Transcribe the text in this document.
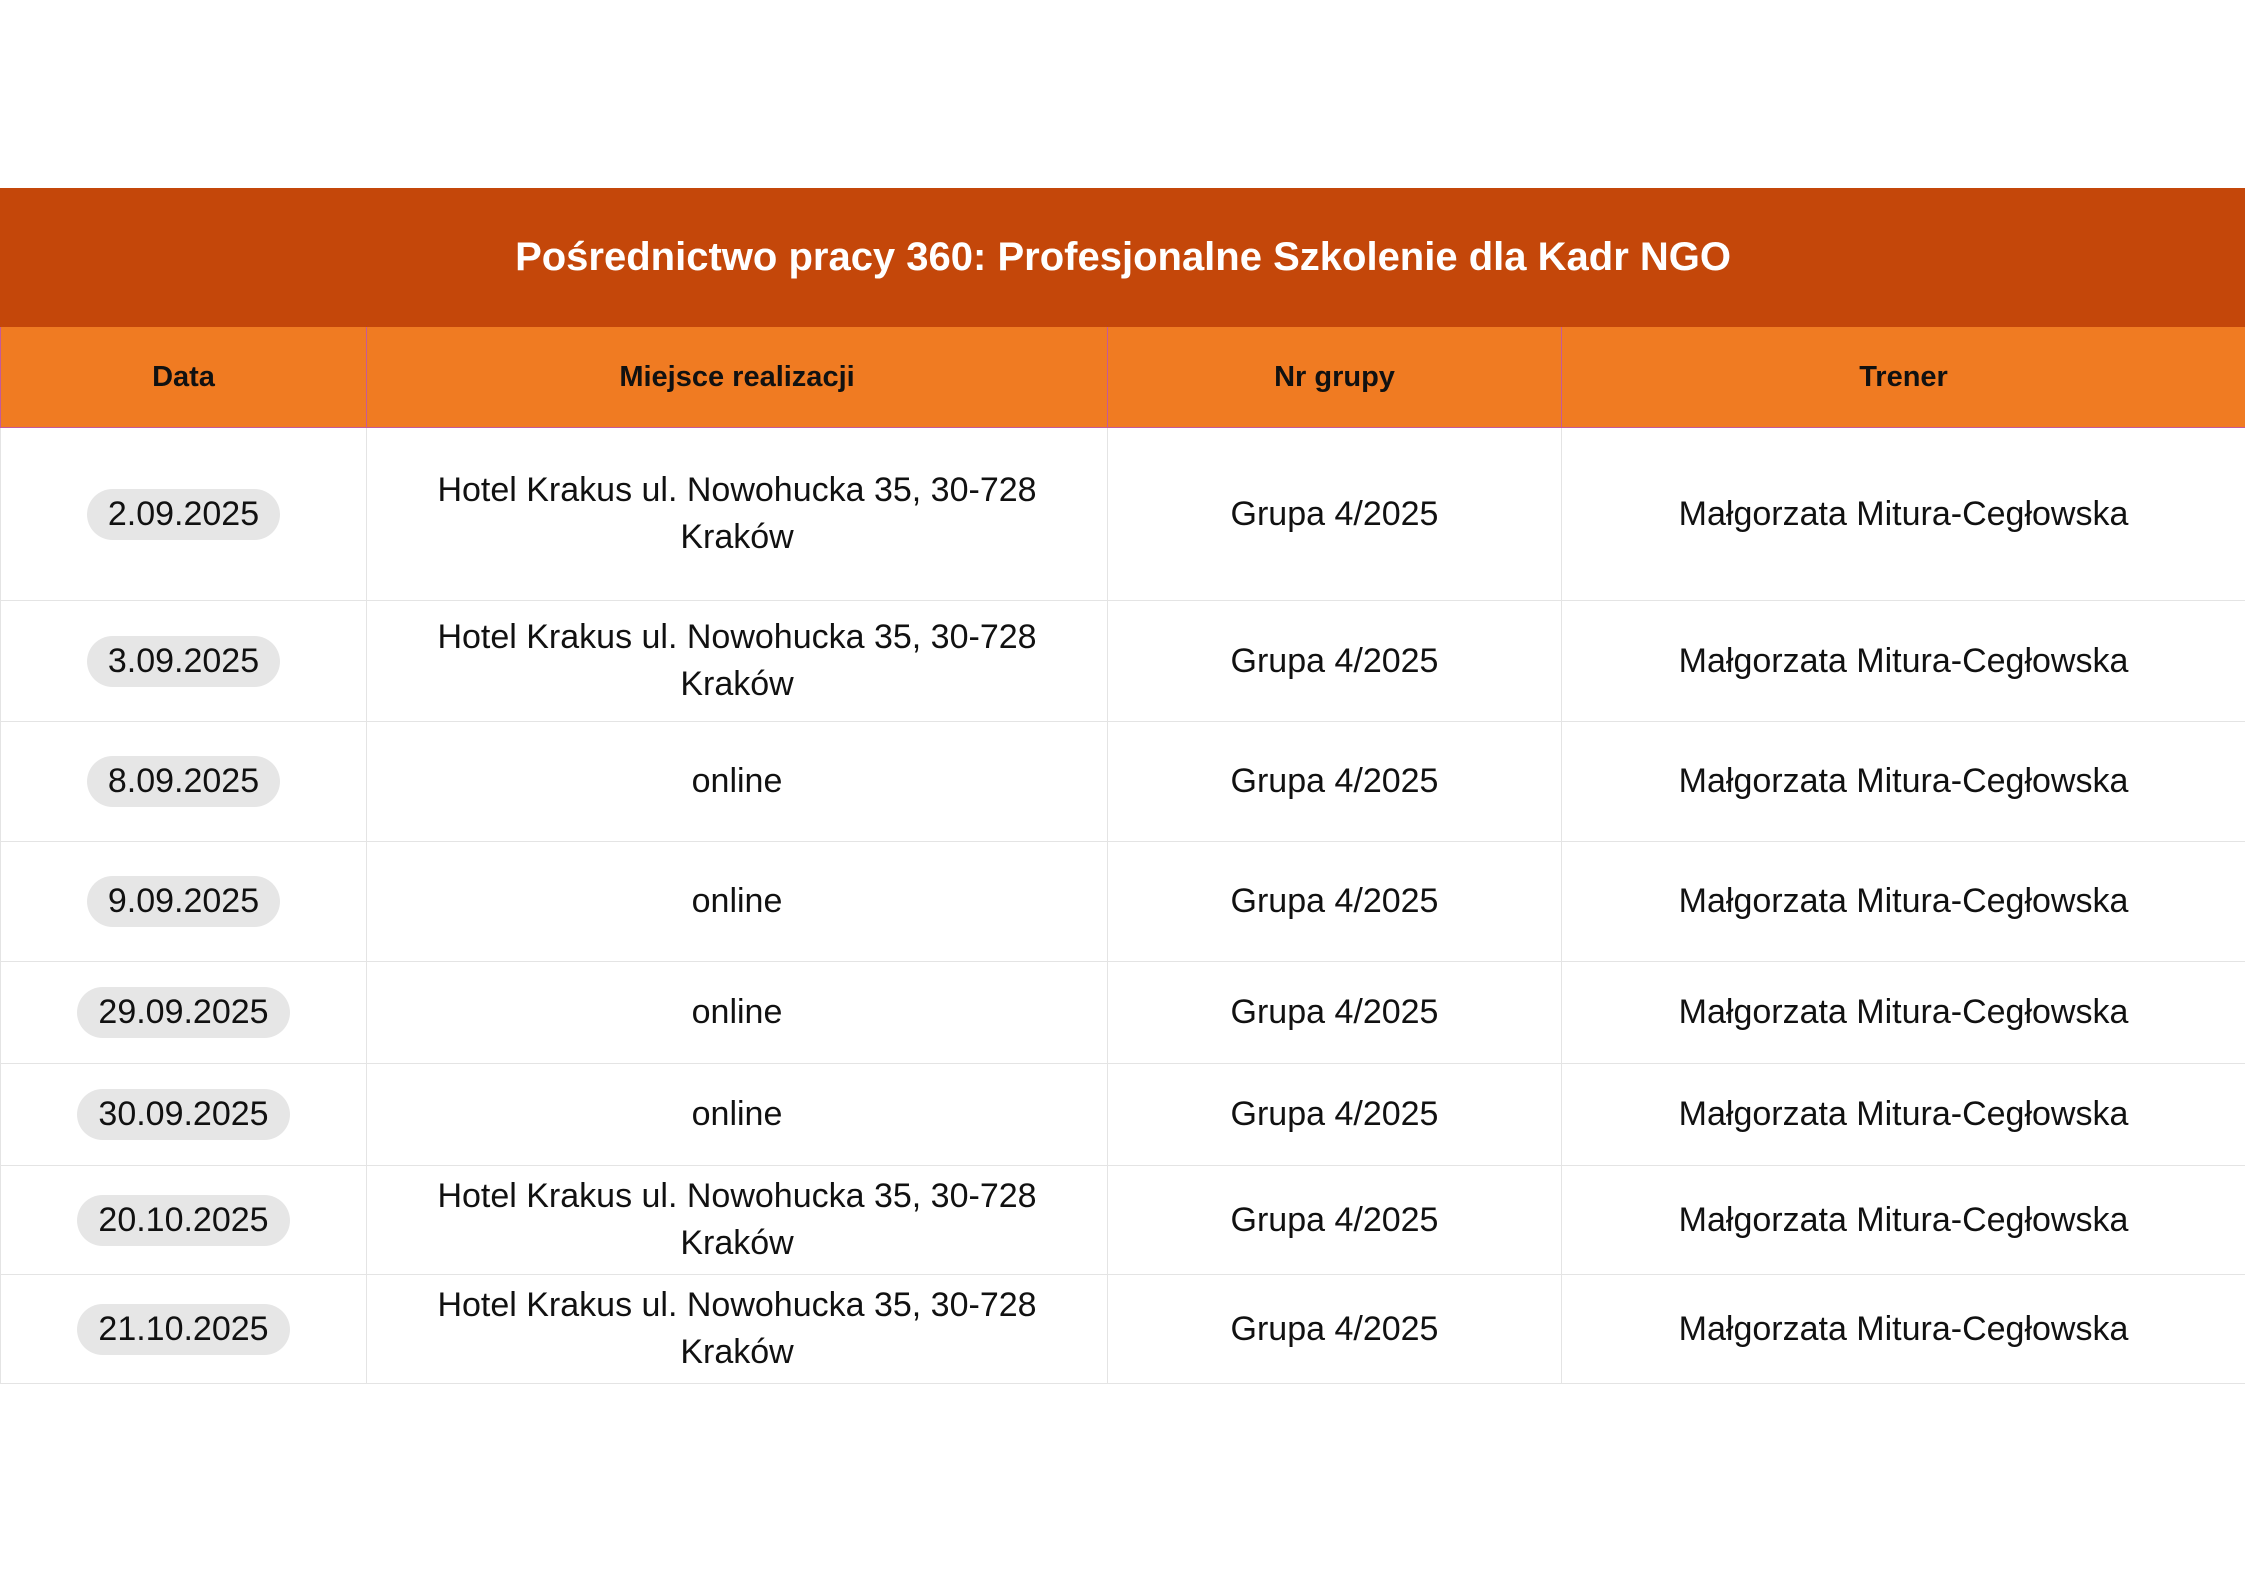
Pośrednictwo pracy 360: Profesjonalne Szkolenie dla Kadr NGO			
Data	Miejsce realizacji	Nr grupy	Trener
2.09.2025	Hotel Krakus ul. Nowohucka 35, 30-728 Kraków	Grupa 4/2025	Małgorzata Mitura-Cegłowska
3.09.2025	Hotel Krakus ul. Nowohucka 35, 30-728 Kraków	Grupa 4/2025	Małgorzata Mitura-Cegłowska
8.09.2025	online	Grupa 4/2025	Małgorzata Mitura-Cegłowska
9.09.2025	online	Grupa 4/2025	Małgorzata Mitura-Cegłowska
29.09.2025	online	Grupa 4/2025	Małgorzata Mitura-Cegłowska
30.09.2025	online	Grupa 4/2025	Małgorzata Mitura-Cegłowska
20.10.2025	Hotel Krakus ul. Nowohucka 35, 30-728 Kraków	Grupa 4/2025	Małgorzata Mitura-Cegłowska
21.10.2025	Hotel Krakus ul. Nowohucka 35, 30-728 Kraków	Grupa 4/2025	Małgorzata Mitura-Cegłowska
